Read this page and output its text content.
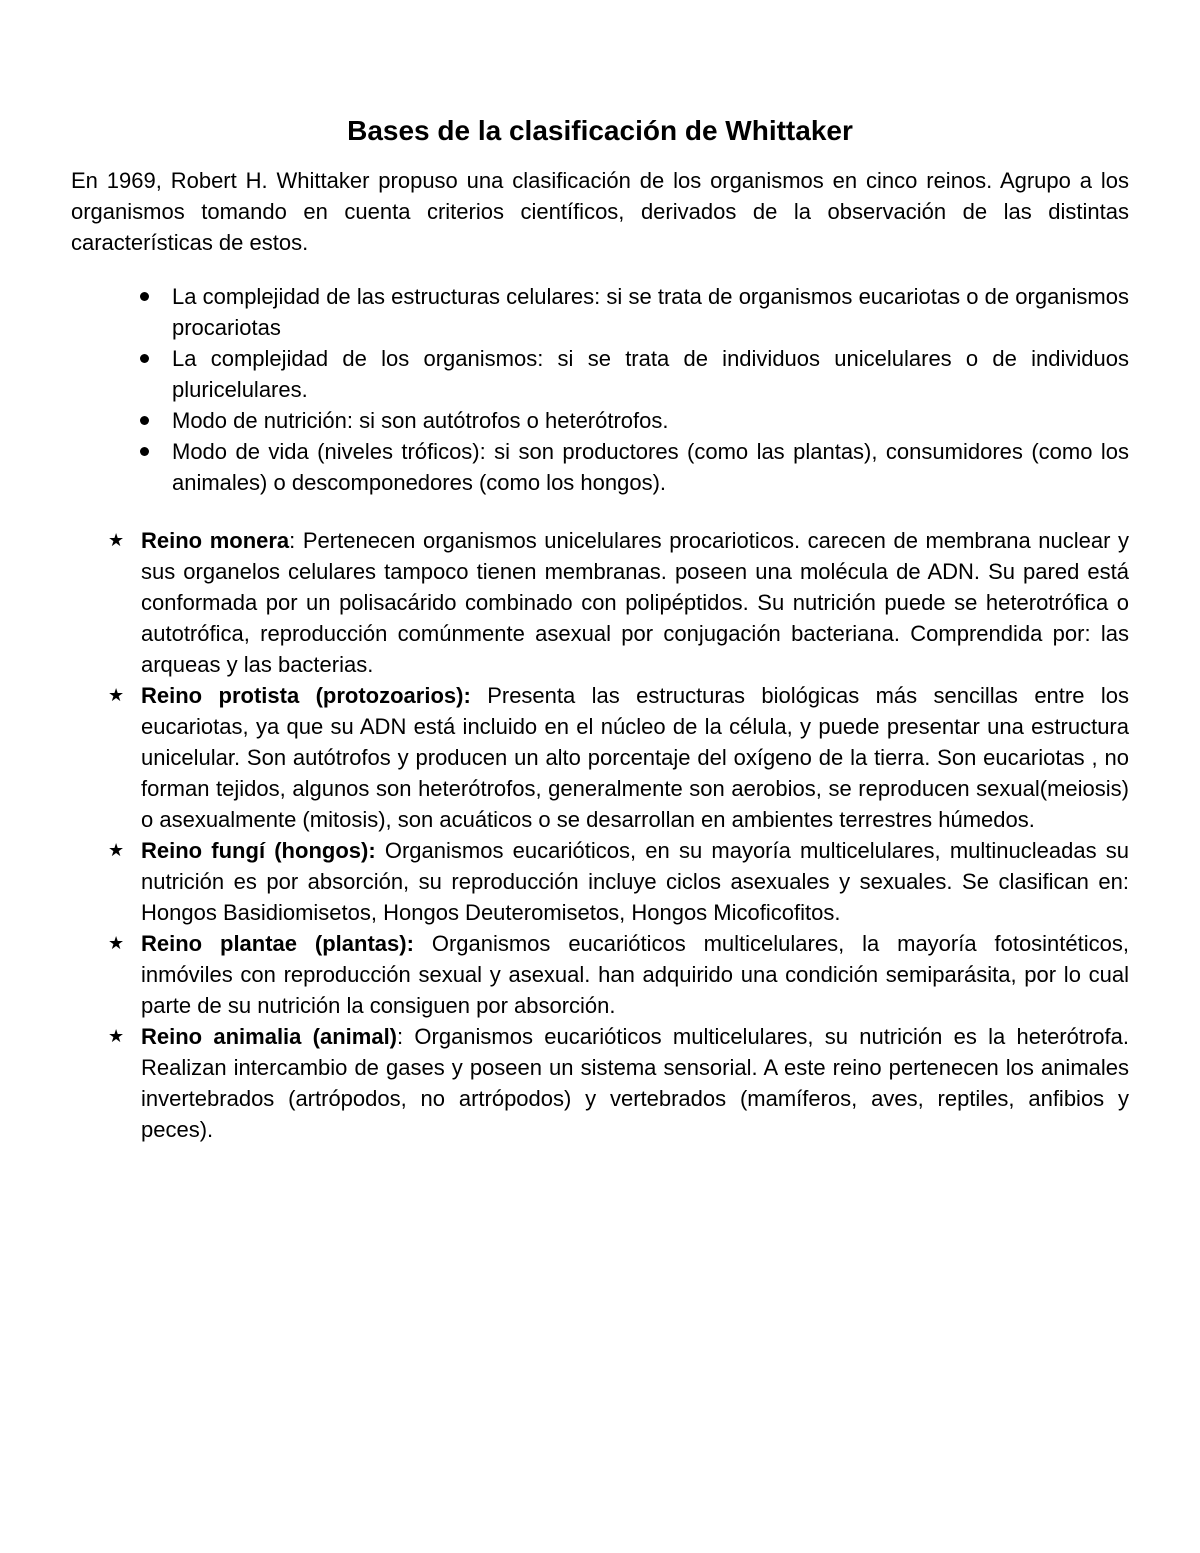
Bases de la clasificación de Whittaker

En 1969, Robert H. Whittaker propuso una clasificación de los organismos en cinco reinos. Agrupo a los organismos tomando en cuenta criterios científicos, derivados de la observación de las distintas características de estos.

La complejidad de las estructuras celulares: si se trata de organismos eucariotas o de organismos procariotas
La complejidad de los organismos: si se trata de individuos unicelulares o de individuos pluricelulares.
Modo de nutrición: si son autótrofos o heterótrofos.
Modo de vida (niveles tróficos): si son productores (como las plantas), consumidores (como los animales) o descomponedores (como los hongos).
★ Reino monera: Pertenecen organismos unicelulares procarioticos. carecen de membrana nuclear y sus organelos celulares tampoco tienen membranas. poseen una molécula de ADN. Su pared está conformada por un polisacárido combinado con polipéptidos. Su nutrición puede se heterotrófica o autotrófica, reproducción comúnmente asexual por conjugación bacteriana. Comprendida por: las arqueas y las bacterias.
★ Reino protista (protozoarios): Presenta las estructuras biológicas más sencillas entre los eucariotas, ya que su ADN está incluido en el núcleo de la célula, y puede presentar una estructura unicelular. Son autótrofos y producen un alto porcentaje del oxígeno de la tierra. Son eucariotas , no forman tejidos, algunos son heterótrofos, generalmente son aerobios, se reproducen sexual(meiosis) o asexualmente (mitosis), son acuáticos o se desarrollan en ambientes terrestres húmedos.
★ Reino fungí (hongos): Organismos eucarióticos, en su mayoría multicelulares, multinucleadas su nutrición es por absorción, su reproducción incluye ciclos asexuales y sexuales. Se clasifican en: Hongos Basidiomisetos, Hongos Deuteromisetos, Hongos Micoficofitos.
★ Reino plantae (plantas): Organismos eucarióticos multicelulares, la mayoría fotosintéticos, inmóviles con reproducción sexual y asexual. han adquirido una condición semiparásita, por lo cual parte de su nutrición la consiguen por absorción.
★ Reino animalia (animal): Organismos eucarióticos multicelulares, su nutrición es la heterótrofa. Realizan intercambio de gases y poseen un sistema sensorial. A este reino pertenecen los animales invertebrados (artrópodos, no artrópodos) y vertebrados (mamíferos, aves, reptiles, anfibios y peces).
